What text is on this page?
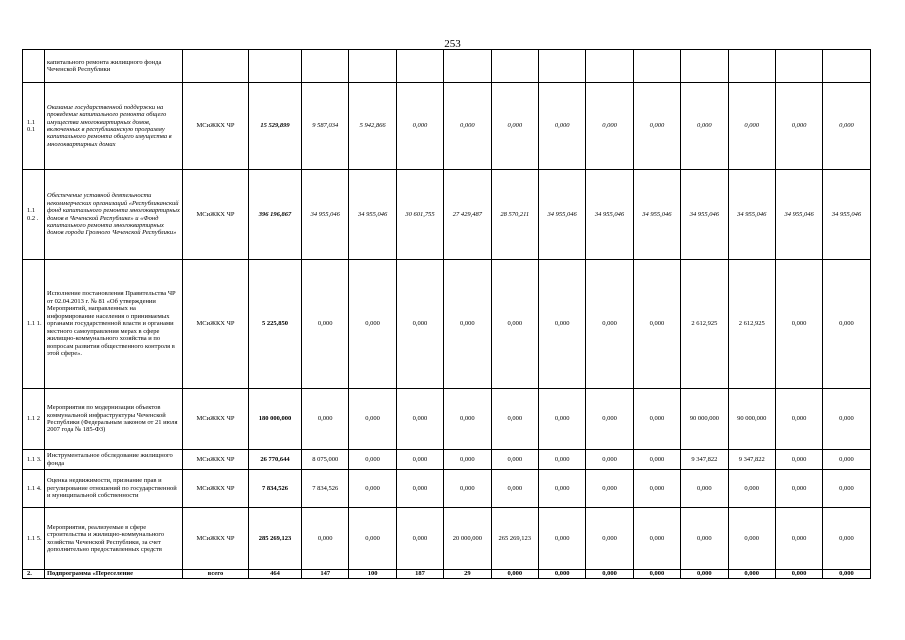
253
	капитального ремонта жилищного фонда Чеченской Республики														
1.1 0.1	Оказание государственной поддержки на проведение капитального ремонта общего имущества многоквартирных домов, включенных в республиканскую программу капитального ремонта общего имущества в многоквартирных домах	МСиЖКХ ЧР	15 529,899	9 587,034	5 942,866	0,000	0,000	0,000	0,000	0,000	0,000	0,000	0,000	0,000	0,000
1.1 0.2 .	Обеспечение уставной деятельности некоммерческих организаций «Республиканский фонд капитального ремонта многоквартирных домов в Чеченской Республике» и «Фонд капитального ремонта многоквартирных домов города Грозного Чеченской Республики»	МСиЖКХ ЧР	396 196,867	34 955,046	34 955,046	30 601,755	27 429,487	28 570,211	34 955,046	34 955,046	34 955,046	34 955,046	34 955,046	34 955,046	34 955,046
1.1 1.	Исполнение постановления Правительства ЧР от 02.04.2013 г. № 81 «Об утверждении Мероприятий, направленных на информирование населения о принимаемых органами государственной власти и органами местного самоуправления мерах в сфере жилищно-коммунального хозяйства и по вопросам развития общественного контроля в этой сфере».	МСиЖКХ ЧР	5 225,850	0,000	0,000	0,000	0,000	0,000	0,000	0,000	0,000	2 612,925	2 612,925	0,000	0,000
1.1 2	Мероприятия по модернизации объектов коммунальной инфраструктуры Чеченской Республики (Федеральным законом от 21 июля 2007 года № 185-ФЗ)	МСиЖКХ ЧР	180 000,000	0,000	0,000	0,000	0,000	0,000	0,000	0,000	0,000	90 000,000	90 000,000	0,000	0,000
1.1 3.	Инструментальное обследование жилищного фонда	МСиЖКХ ЧР	26 770,644	8 075,000	0,000	0,000	0,000	0,000	0,000	0,000	0,000	9 347,822	9 347,822	0,000	0,000
1.1 4.	Оценка недвижимости, признание прав и регулирование отношений по государственной и муниципальной собственности	МСиЖКХ ЧР	7 834,526	7 834,526	0,000	0,000	0,000	0,000	0,000	0,000	0,000	0,000	0,000	0,000	0,000
1.1 5.	Мероприятия, реализуемые в сфере строительства и жилищно-коммунального хозяйства Чеченской Республики, за счет дополнительно предоставленных средств	МСиЖКХ ЧР	285 269,123	0,000	0,000	0,000	20 000,000	265 269,123	0,000	0,000	0,000	0,000	0,000	0,000	0,000
2.	Подпрограмма «Переселение	всего	464	147	100	187	29	0,000	0,000	0,000	0,000	0,000	0,000	0,000	0,000
